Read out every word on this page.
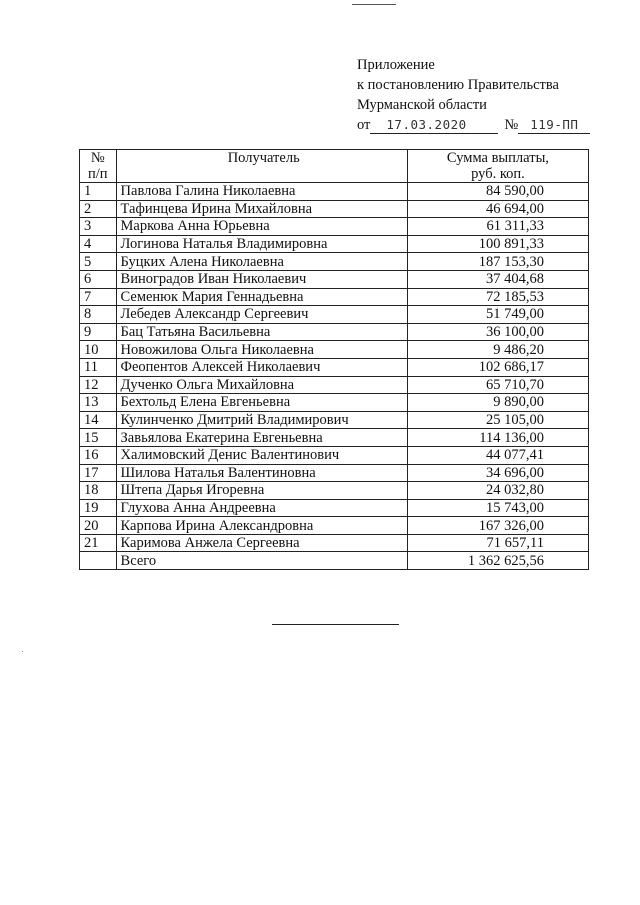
Приложение
к постановлению Правительства
Мурманской области
от 17.03.2020	№ 119-ПП
№
п/п	Получатель	Сумма выплаты,
руб. коп.
1	Павлова Галина Николаевна	84 590,00
2	Тафинцева Ирина Михайловна	46 694,00
3	Маркова Анна Юрьевна	61 311,33
4	Логинова Наталья Владимировна	100 891,33
5	Буцких Алена Николаевна	187 153,30
6	Виноградов Иван Николаевич	37 404,68
7	Семенюк Мария Геннадьевна	72 185,53
8	Лебедев Александр Сергеевич	51 749,00
9	Бац Татьяна Васильевна	36 100,00
10	Новожилова Ольга Николаевна	9 486,20
11	Феопентов Алексей Николаевич	102 686,17
12	Дученко Ольга Михайловна	65 710,70
13	Бехтольд Елена Евгеньевна	9 890,00
14	Кулинченко Дмитрий Владимирович	25 105,00
15	Завьялова Екатерина Евгеньевна	114 136,00
16	Халимовский Денис Валентинович	44 077,41
17	Шилова Наталья Валентиновна	34 696,00
18	Штепа Дарья Игоревна	24 032,80
19	Глухова Анна Андреевна	15 743,00
20	Карпова Ирина Александровна	167 326,00
21	Каримова Анжела Сергеевна	71 657,11
	Всего	1 362 625,56
